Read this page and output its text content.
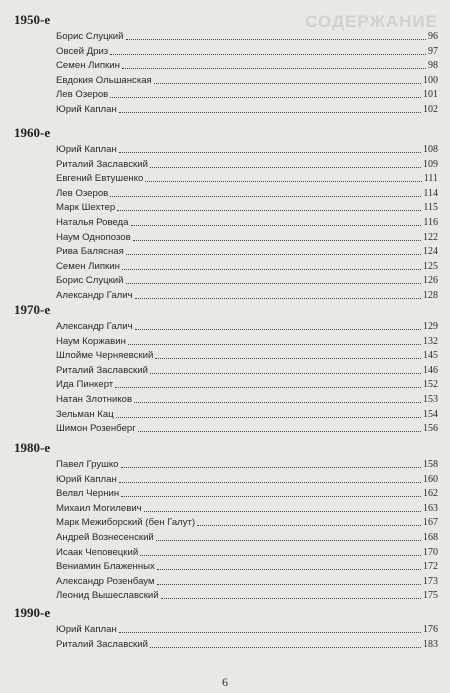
СОДЕРЖАНИЕ
1950-е
Борис Слуцкий	96
Овсей Дриз	97
Семен Липкин	98
Евдокия Ольшанская	100
Лев Озеров	101
Юрий Каплан	102
1960-е
Юрий Каплан	108
Риталий Заславский	109
Евгений Евтушенко	111
Лев Озеров	114
Марк Шехтер	115
Наталья Роведа	116
Наум Однопозов	122
Рива Балясная	124
Семен Липкин	125
Борис Слуцкий	126
Александр Галич	128
1970-е
Александр Галич	129
Наум Коржавин	132
Шлойме Черняевский	145
Риталий Заславский	146
Ида Пинкерт	152
Натан Злотников	153
Зельман Кац	154
Шимон Розенберг	156
1980-е
Павел Грушко	158
Юрий Каплан	160
Велвл Чернин	162
Михаил Могилевич	163
Марк Межиборский (бен Галут)	167
Андрей Вознесенский	168
Исаак Чеповецкий	170
Вениамин Блаженных	172
Александр Розенбаум	173
Леонид Вышеславский	175
1990-е
Юрий Каплан	176
Риталий Заславский	183
6
